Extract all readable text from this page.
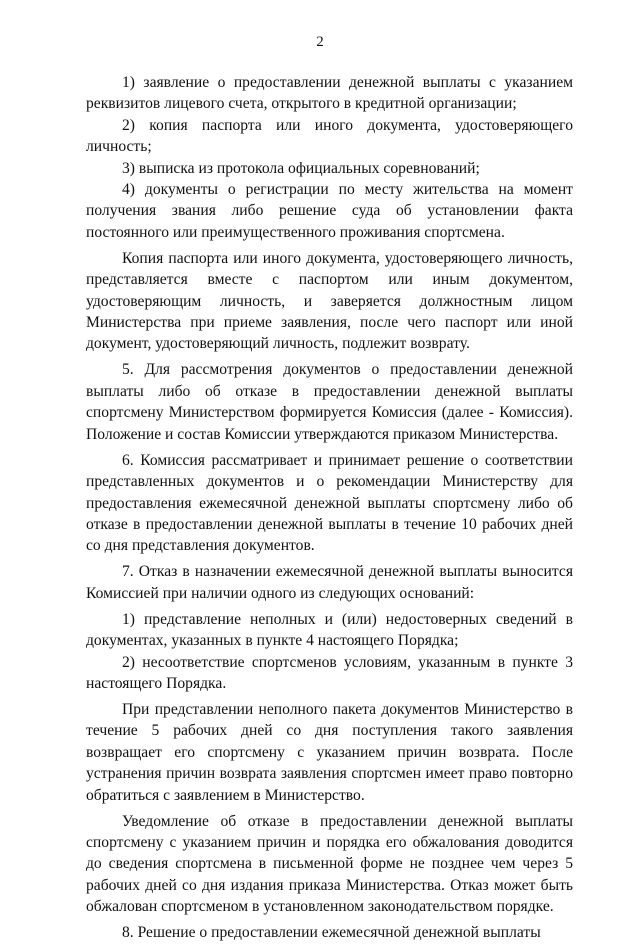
2

1) заявление о предоставлении денежной выплаты с указанием реквизитов лицевого счета, открытого в кредитной организации;

2) копия паспорта или иного документа, удостоверяющего личность;

3) выписка из протокола официальных соревнований;

4) документы о регистрации по месту жительства на момент получения звания либо решение суда об установлении факта постоянного или преимущественного проживания спортсмена.

Копия паспорта или иного документа, удостоверяющего личность, представляется вместе с паспортом или иным документом, удостоверяющим личность, и заверяется должностным лицом Министерства при приеме заявления, после чего паспорт или иной документ, удостоверяющий личность, подлежит возврату.

5. Для рассмотрения документов о предоставлении денежной выплаты либо об отказе в предоставлении денежной выплаты спортсмену Министерством формируется Комиссия (далее - Комиссия). Положение и состав Комиссии утверждаются приказом Министерства.

6. Комиссия рассматривает и принимает решение о соответствии представленных документов и о рекомендации Министерству для предоставления ежемесячной денежной выплаты спортсмену либо об отказе в предоставлении денежной выплаты в течение 10 рабочих дней со дня представления документов.

7. Отказ в назначении ежемесячной денежной выплаты выносится Комиссией при наличии одного из следующих оснований:

1) представление неполных и (или) недостоверных сведений в документах, указанных в пункте 4 настоящего Порядка;

2) несоответствие спортсменов условиям, указанным в пункте 3 настоящего Порядка.

При представлении неполного пакета документов Министерство в течение 5 рабочих дней со дня поступления такого заявления возвращает его спортсмену с указанием причин возврата. После устранения причин возврата заявления спортсмен имеет право повторно обратиться с заявлением в Министерство.

Уведомление об отказе в предоставлении денежной выплаты спортсмену с указанием причин и порядка его обжалования доводится до сведения спортсмена в письменной форме не позднее чем через 5 рабочих дней со дня издания приказа Министерства. Отказ может быть обжалован спортсменом в установленном законодательством порядке.

8. Решение о предоставлении ежемесячной денежной выплаты
